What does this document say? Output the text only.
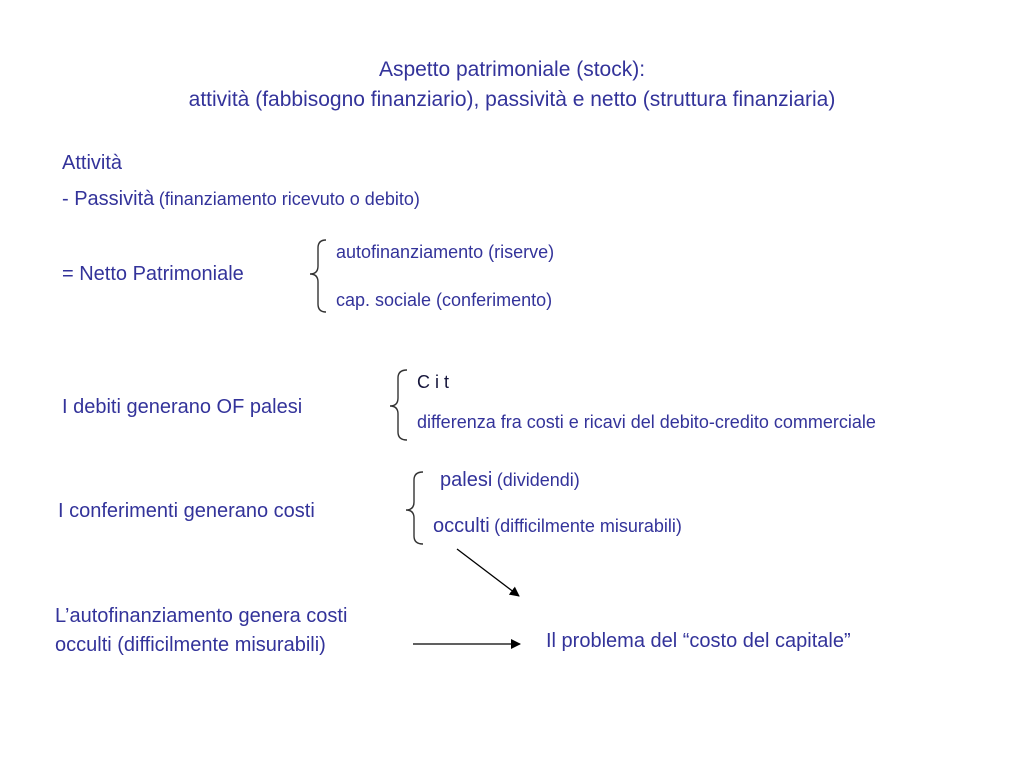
Aspetto patrimoniale (stock):
attività (fabbisogno finanziario), passività e netto (struttura finanziaria)
Attività
- Passività (finanziamento ricevuto o debito)
= Netto Patrimoniale
autofinanziamento (riserve)
cap. sociale (conferimento)
I debiti generano OF palesi
C i t
differenza fra costi e ricavi del debito-credito commerciale
I conferimenti generano costi
palesi (dividendi)
occulti (difficilmente misurabili)
L’autofinanziamento genera costi
occulti (difficilmente misurabili)	Il problema del “costo del capitale”
